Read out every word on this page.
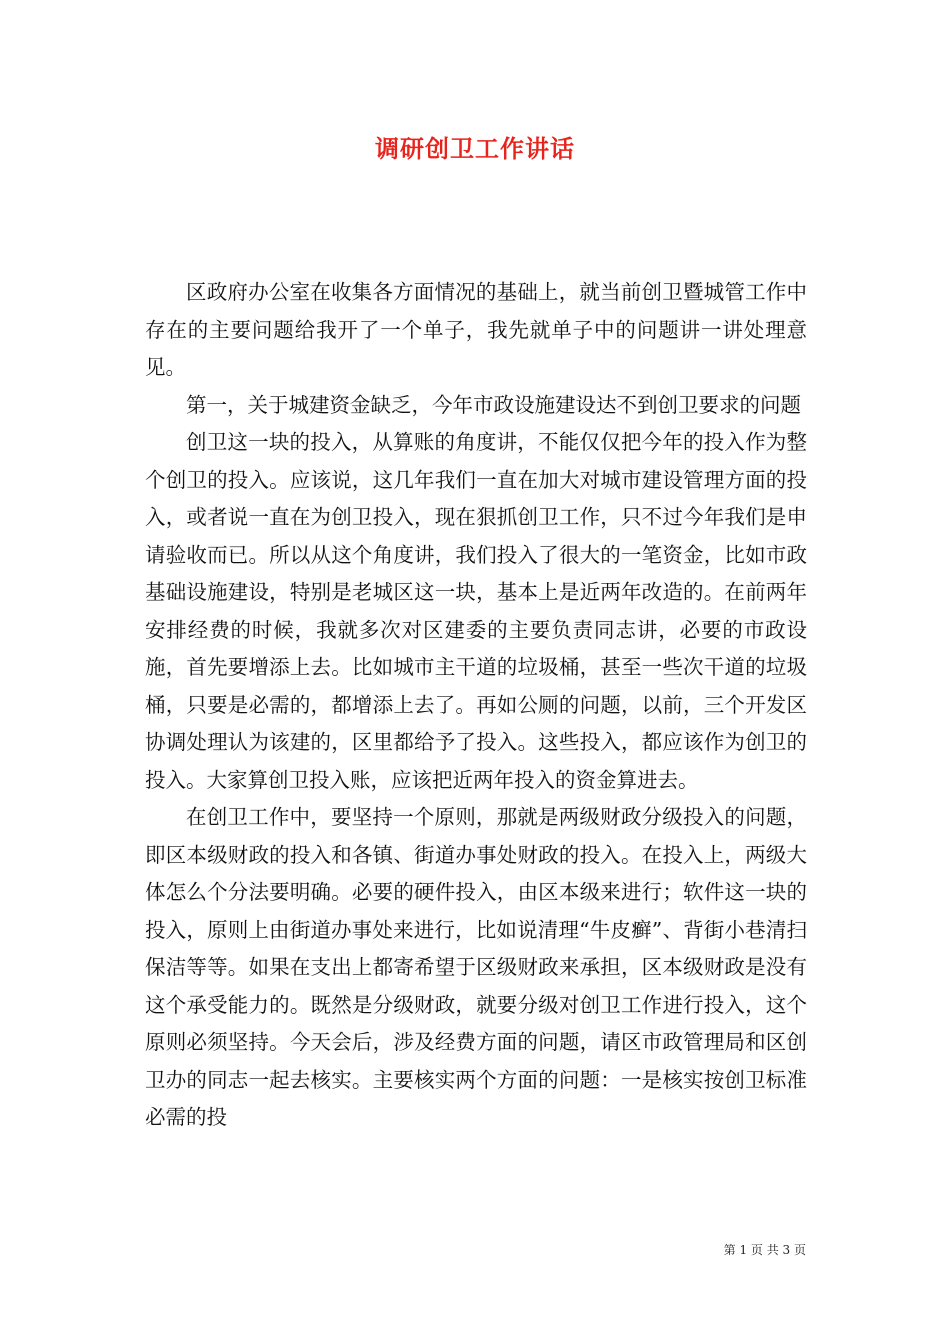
调研创卫工作讲话

区政府办公室在收集各方面情况的基础上，就当前创卫暨城管工作中存在的主要问题给我开了一个单子，我先就单子中的问题讲一讲处理意见。

第一，关于城建资金缺乏，今年市政设施建设达不到创卫要求的问题

创卫这一块的投入，从算账的角度讲，不能仅仅把今年的投入作为整个创卫的投入。应该说，这几年我们一直在加大对城市建设管理方面的投入，或者说一直在为创卫投入，现在狠抓创卫工作，只不过今年我们是申请验收而已。所以从这个角度讲，我们投入了很大的一笔资金，比如市政基础设施建设，特别是老城区这一块，基本上是近两年改造的。在前两年安排经费的时候，我就多次对区建委的主要负责同志讲，必要的市政设施，首先要增添上去。比如城市主干道的垃圾桶，甚至一些次干道的垃圾桶，只要是必需的，都增添上去了。再如公厕的问题，以前，三个开发区协调处理认为该建的，区里都给予了投入。这些投入，都应该作为创卫的投入。大家算创卫投入账，应该把近两年投入的资金算进去。

在创卫工作中，要坚持一个原则，那就是两级财政分级投入的问题，即区本级财政的投入和各镇、街道办事处财政的投入。在投入上，两级大体怎么个分法要明确。必要的硬件投入，由区本级来进行；软件这一块的投入，原则上由街道办事处来进行，比如说清理“牛皮癣”、背街小巷清扫保洁等等。如果在支出上都寄希望于区级财政来承担，区本级财政是没有这个承受能力的。既然是分级财政，就要分级对创卫工作进行投入，这个原则必须坚持。今天会后，涉及经费方面的问题，请区市政管理局和区创卫办的同志一起去核实。主要核实两个方面的问题：一是核实按创卫标准必需的投

第 1 页 共 3 页
